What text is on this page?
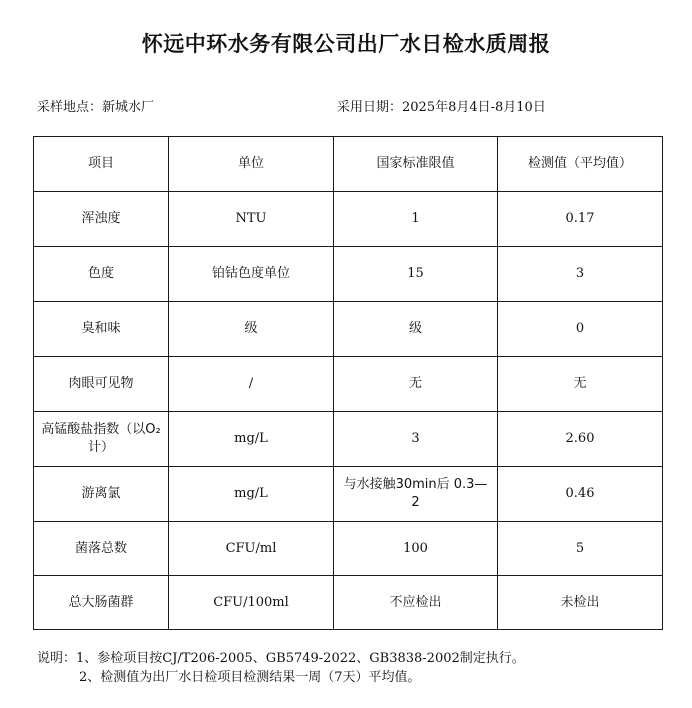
怀远中环水务有限公司出厂水日检水质周报
采样地点：新城水厂	采用日期：2025年8月4日-8月10日
项目	单位	国家标准限值	检测值（平均值）
浑浊度	NTU	1	0.17
色度	铂钴色度单位	15	3
臭和味	级	级	0
肉眼可见物	/	无	无
高锰酸盐指数（以O₂计）	mg/L	3	2.60
游离氯	mg/L	与水接触30min后 0.3—2	0.46
菌落总数	CFU/ml	100	5
总大肠菌群	CFU/100ml	不应检出	未检出
说明：1、参检项目按CJ/T206-2005、GB5749-2022、GB3838-2002制定执行。
2、检测值为出厂水日检项目检测结果一周（7天）平均值。
